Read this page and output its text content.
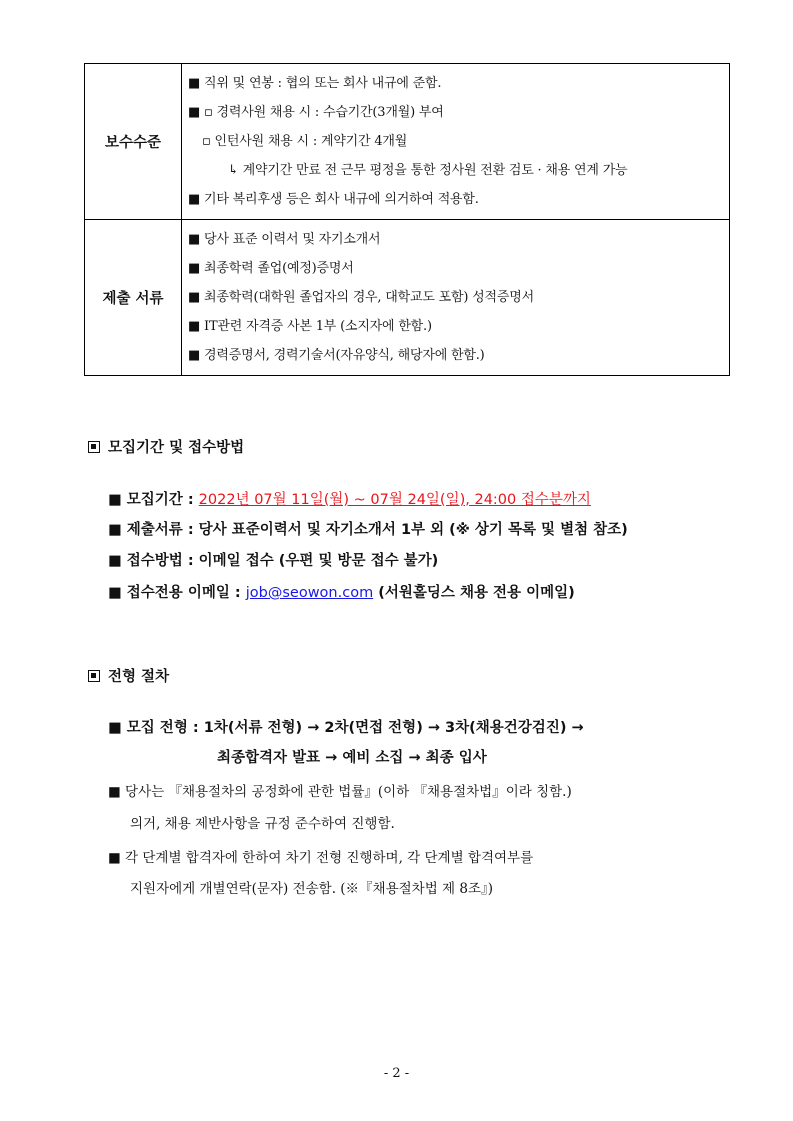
보수수준	■ 직위 및 연봉 : 협의 또는 회사 내규에 준함.
■ ▫ 경력사원 채용 시 : 수습기간(3개월) 부여
▫ 인턴사원 채용 시 : 계약기간 4개월
↳ 계약기간 만료 전 근무 평정을 통한 정사원 전환 검토 · 채용 연계 가능
■ 기타 복리후생 등은 회사 내규에 의거하여 적용함.

제출 서류	■ 당사 표준 이력서 및 자기소개서
■ 최종학력 졸업(예정)증명서
■ 최종학력(대학원 졸업자의 경우, 대학교도 포함) 성적증명서
■ IT관련 자격증 사본 1부 (소지자에 한함.)
■ 경력증명서, 경력기술서(자유양식, 해당자에 한함.)
모집기간 및 접수방법
■ 모집기간 : 2022년 07월 11일(월) ~ 07월 24일(일), 24:00 접수분까지
■ 제출서류 : 당사 표준이력서 및 자기소개서 1부 외 (※ 상기 목록 및 별첨 참조)
■ 접수방법 : 이메일 접수 (우편 및 방문 접수 불가)
■ 접수전용 이메일 : job@seowon.com (서원홀딩스 채용 전용 이메일)
전형 절차
■ 모집 전형 : 1차(서류 전형) → 2차(면접 전형) → 3차(채용건강검진) →
최종합격자 발표 → 예비 소집 → 최종 입사
■ 당사는 『채용절차의 공정화에 관한 법률』(이하 『채용절차법』이라 칭함.)
의거, 채용 제반사항을 규정 준수하여 진행함.
■ 각 단계별 합격자에 한하여 차기 전형 진행하며, 각 단계별 합격여부를
지원자에게 개별연락(문자) 전송함. (※『채용절차법 제 8조』)
- 2 -
